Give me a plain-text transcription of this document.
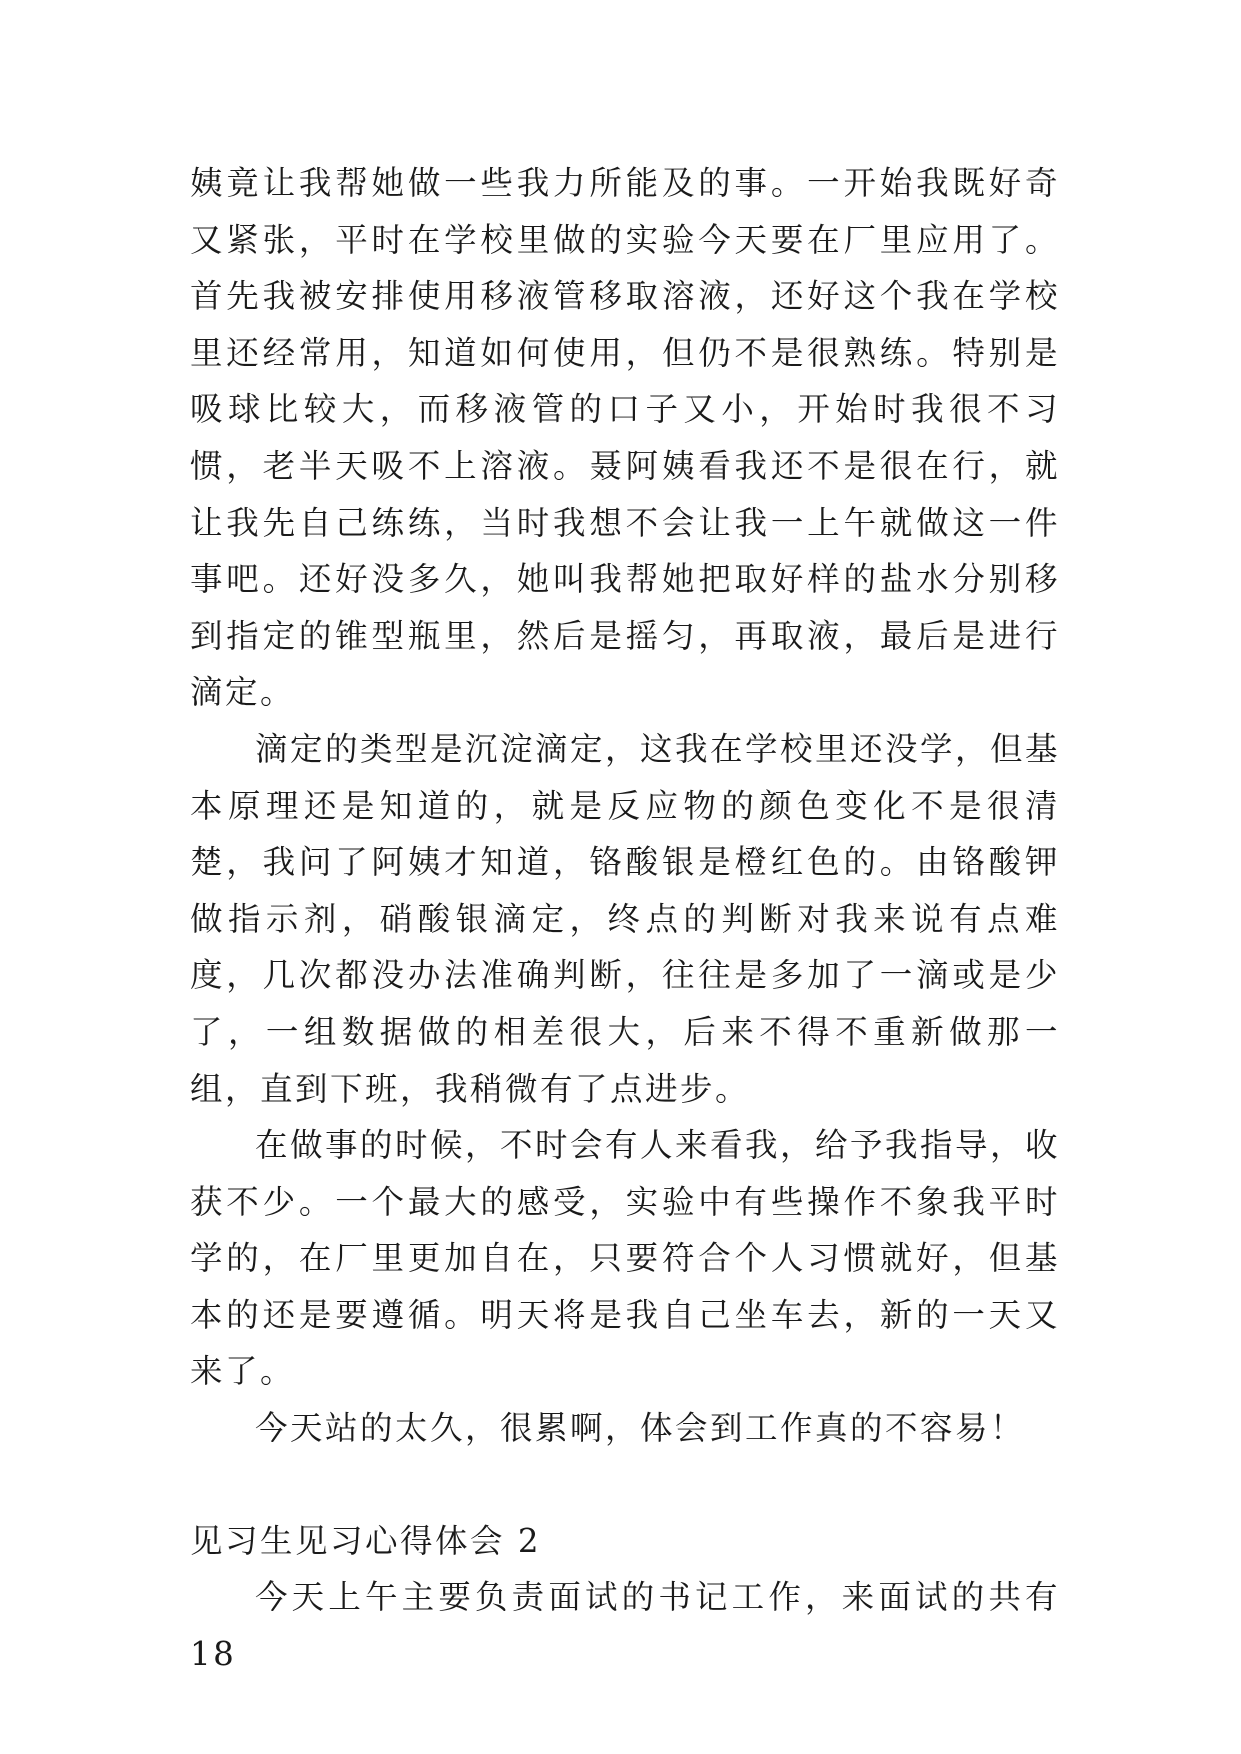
姨竟让我帮她做一些我力所能及的事。一开始我既好奇又紧张，平时在学校里做的实验今天要在厂里应用了。首先我被安排使用移液管移取溶液，还好这个我在学校里还经常用，知道如何使用，但仍不是很熟练。特别是吸球比较大，而移液管的口子又小，开始时我很不习惯，老半天吸不上溶液。聂阿姨看我还不是很在行，就让我先自己练练，当时我想不会让我一上午就做这一件事吧。还好没多久，她叫我帮她把取好样的盐水分别移到指定的锥型瓶里，然后是摇匀，再取液，最后是进行滴定。

滴定的类型是沉淀滴定，这我在学校里还没学，但基本原理还是知道的，就是反应物的颜色变化不是很清楚，我问了阿姨才知道，铬酸银是橙红色的。由铬酸钾做指示剂，硝酸银滴定，终点的判断对我来说有点难度，几次都没办法准确判断，往往是多加了一滴或是少了，一组数据做的相差很大，后来不得不重新做那一组，直到下班，我稍微有了点进步。

在做事的时候，不时会有人来看我，给予我指导，收获不少。一个最大的感受，实验中有些操作不象我平时学的，在厂里更加自在，只要符合个人习惯就好，但基本的还是要遵循。明天将是我自己坐车去，新的一天又来了。

今天站的太久，很累啊，体会到工作真的不容易！

见习生见习心得体会 2

今天上午主要负责面试的书记工作，来面试的共有 18
